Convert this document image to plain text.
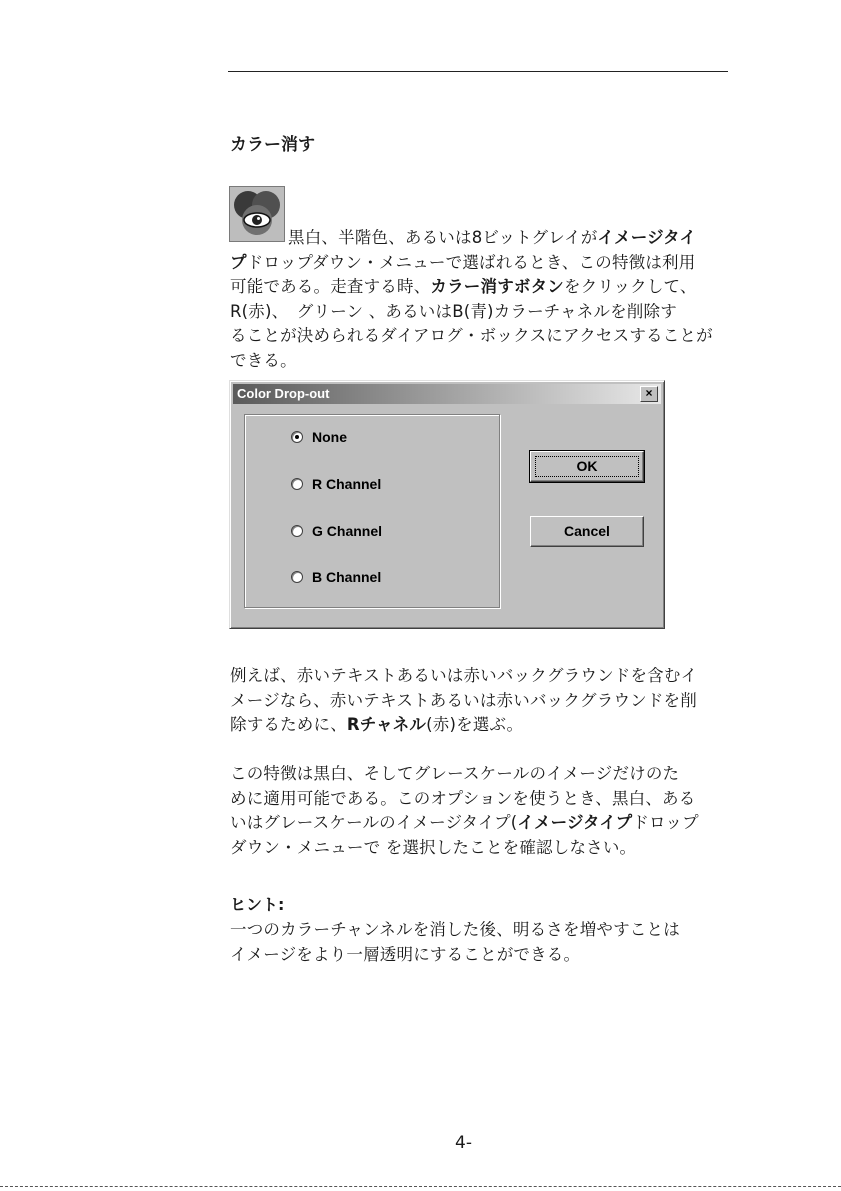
カラー消す
黒白、半階色、あるいは8ビットグレイがイメージタイ
プドロップダウン・メニューで選ばれるとき、この特徴は利用
可能である。走査する時、カラー消すボタンをクリックして、
R(赤)、　グリーン 、あるいはB(青)カラーチャネルを削除す
ることが決められるダイアログ・ボックスにアクセスすることが
できる。
Color Drop-out	×
None
R Channel
G Channel
B Channel
OK
Cancel
例えば、赤いテキストあるいは赤いバックグラウンドを含むイ
メージなら、赤いテキストあるいは赤いバックグラウンドを削
除するために、Rチャネル(赤)を選ぶ。
この特徴は黒白、そしてグレースケールのイメージだけのた
めに適用可能である。このオプションを使うとき、黒白、ある
いはグレースケールのイメージタイプ(イメージタイプドロップ
ダウン・メニューで を選択したことを確認しなさい。
ヒント:
一つのカラーチャンネルを消した後、明るさを増やすことは
イメージをより一層透明にすることができる。
4-
